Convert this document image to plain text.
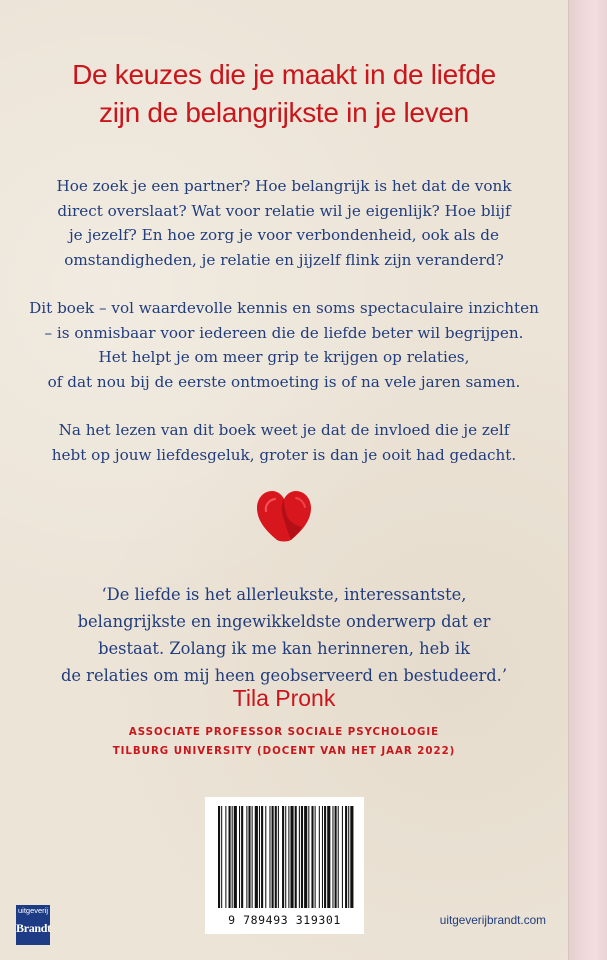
De keuzes die je maakt in de liefde
zijn de belangrijkste in je leven
Hoe zoek je een partner? Hoe belangrijk is het dat de vonk
direct overslaat? Wat voor relatie wil je eigenlijk? Hoe blijf
je jezelf? En hoe zorg je voor verbondenheid, ook als de
omstandigheden, je relatie en jijzelf flink zijn veranderd?
Dit boek – vol waardevolle kennis en soms spectaculaire inzichten
– is onmisbaar voor iedereen die de liefde beter wil begrijpen.
Het helpt je om meer grip te krijgen op relaties,
of dat nou bij de eerste ontmoeting is of na vele jaren samen.
Na het lezen van dit boek weet je dat de invloed die je zelf
hebt op jouw liefdesgeluk, groter is dan je ooit had gedacht.
‘De liefde is het allerleukste, interessantste,
belangrijkste en ingewikkeldste onderwerp dat er
bestaat. Zolang ik me kan herinneren, heb ik
de relaties om mij heen geobserveerd en bestudeerd.’
Tila Pronk
ASSOCIATE PROFESSOR SOCIALE PSYCHOLOGIE
TILBURG UNIVERSITY (DOCENT VAN HET JAAR 2022)
9 789493 319301
uitgeverij
Brandt
uitgeverijbrandt.com
